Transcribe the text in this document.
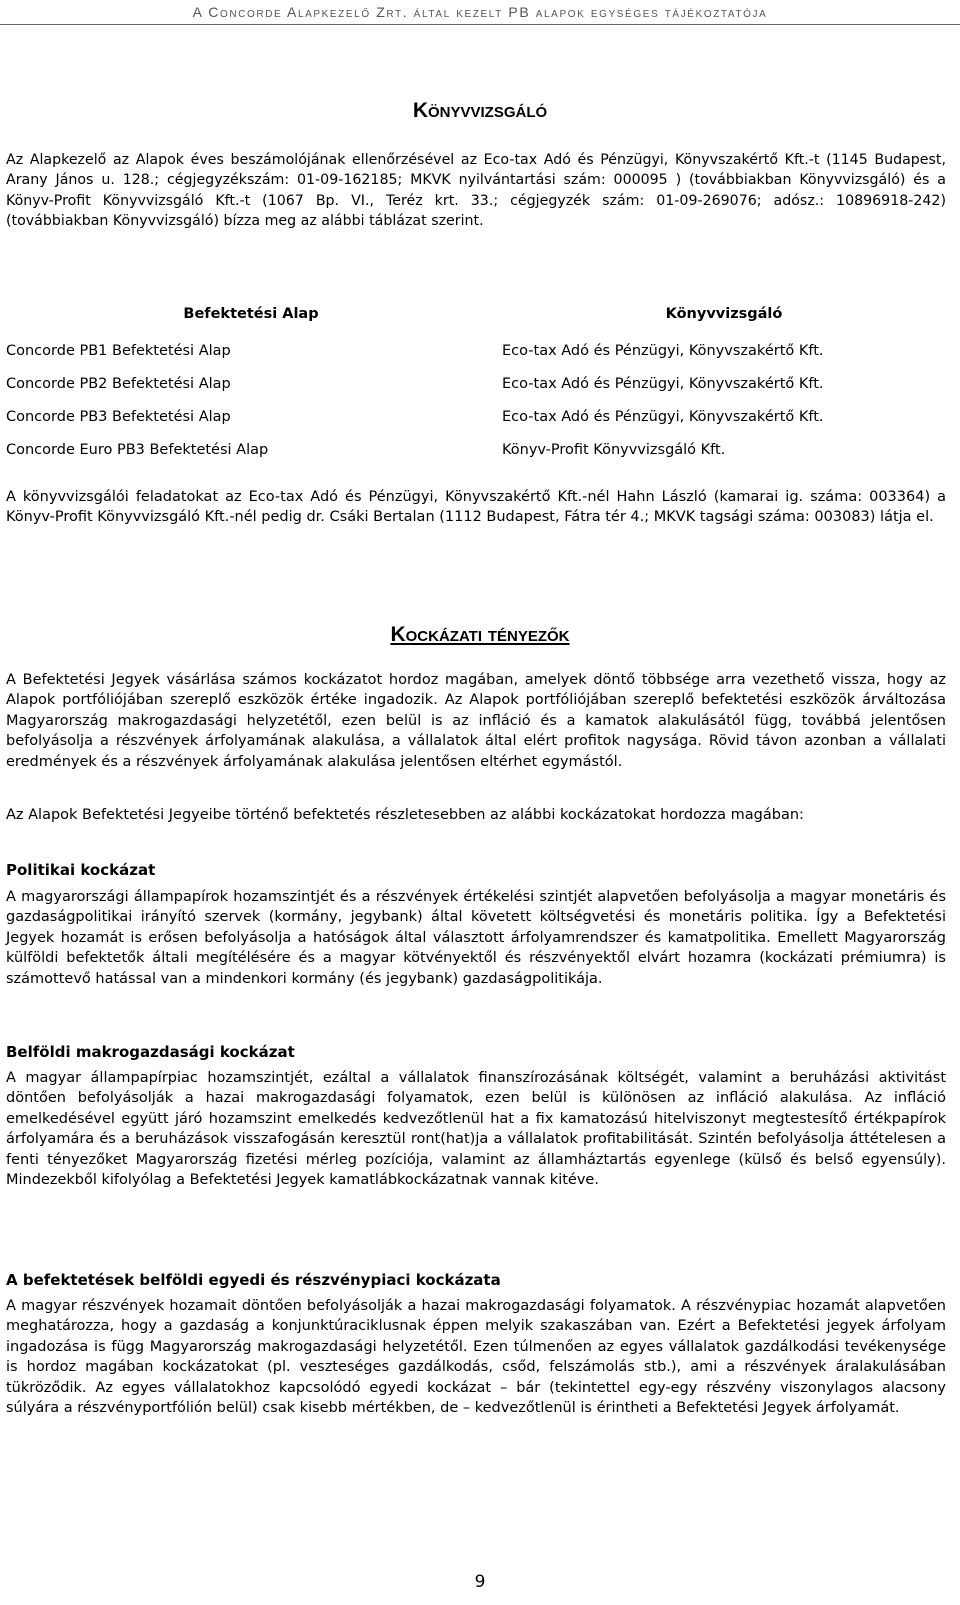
A Concorde Alapkezelő Zrt. által kezelt PB alapok egységes tájékoztatója
Könyvvizsgáló

Az Alapkezelő az Alapok éves beszámolójának ellenőrzésével az Eco-tax Adó és Pénzügyi, Könyvszakértő Kft.-t (1145 Budapest, Arany János u. 128.; cégjegyzékszám: 01-09-162185; MKVK nyilvántartási szám: 000095 ) (továbbiakban Könyvvizsgáló) és a Könyv-Profit Könyvvizsgáló Kft.-t (1067 Bp. VI., Teréz krt. 33.; cégjegyzék szám: 01-09-269076; adósz.: 10896918-242) (továbbiakban Könyvvizsgáló) bízza meg az alábbi táblázat szerint.

Befektetési Alap	Könyvvizsgáló
Concorde PB1 Befektetési Alap	Eco-tax Adó és Pénzügyi, Könyvszakértő Kft.
Concorde PB2 Befektetési Alap	Eco-tax Adó és Pénzügyi, Könyvszakértő Kft.
Concorde PB3 Befektetési Alap	Eco-tax Adó és Pénzügyi, Könyvszakértő Kft.
Concorde Euro PB3 Befektetési Alap	Könyv-Profit Könyvvizsgáló Kft.

A könyvvizsgálói feladatokat az Eco-tax Adó és Pénzügyi, Könyvszakértő Kft.-nél Hahn László (kamarai ig. száma: 003364) a Könyv-Profit Könyvvizsgáló Kft.-nél pedig dr. Csáki Bertalan (1112 Budapest, Fátra tér 4.; MKVK tagsági száma: 003083) látja el.

Kockázati tényezők

A Befektetési Jegyek vásárlása számos kockázatot hordoz magában, amelyek döntő többsége arra vezethető vissza, hogy az Alapok portfóliójában szereplő eszközök értéke ingadozik. Az Alapok portfóliójában szereplő befektetési eszközök árváltozása Magyarország makrogazdasági helyzetétől, ezen belül is az infláció és a kamatok alakulásától függ, továbbá jelentősen befolyásolja a részvények árfolyamának alakulása, a vállalatok által elért profitok nagysága. Rövid távon azonban a vállalati eredmények és a részvények árfolyamának alakulása jelentősen eltérhet egymástól.

Az Alapok Befektetési Jegyeibe történő befektetés részletesebben az alábbi kockázatokat hordozza magában:

Politikai kockázat

A magyarországi állampapírok hozamszintjét és a részvények értékelési szintjét alapvetően befolyásolja a magyar monetáris és gazdaságpolitikai irányító szervek (kormány, jegybank) által követett költségvetési és monetáris politika. Így a Befektetési Jegyek hozamát is erősen befolyásolja a hatóságok által választott árfolyamrendszer és kamatpolitika. Emellett Magyarország külföldi befektetők általi megítélésére és a magyar kötvényektől és részvényektől elvárt hozamra (kockázati prémiumra) is számottevő hatással van a mindenkori kormány (és jegybank) gazdaságpolitikája.

Belföldi makrogazdasági kockázat

A magyar állampapírpiac hozamszintjét, ezáltal a vállalatok finanszírozásának költségét, valamint a beruházási aktivitást döntően befolyásolják a hazai makrogazdasági folyamatok, ezen belül is különösen az infláció alakulása. Az infláció emelkedésével együtt járó hozamszint emelkedés kedvezőtlenül hat a fix kamatozású hitelviszonyt megtestesítő értékpapírok árfolyamára és a beruházások visszafogásán keresztül ront(hat)ja a vállalatok profitabilitását. Szintén befolyásolja áttételesen a fenti tényezőket Magyarország fizetési mérleg pozíciója, valamint az államháztartás egyenlege (külső és belső egyensúly). Mindezekből kifolyólag a Befektetési Jegyek kamatlábkockázatnak vannak kitéve.

A befektetések belföldi egyedi és részvénypiaci kockázata

A magyar részvények hozamait döntően befolyásolják a hazai makrogazdasági folyamatok. A részvénypiac hozamát alapvetően meghatározza, hogy a gazdaság a konjunktúraciklusnak éppen melyik szakaszában van. Ezért a Befektetési jegyek árfolyam ingadozása is függ Magyarország makrogazdasági helyzetétől. Ezen túlmenően az egyes vállalatok gazdálkodási tevékenysége is hordoz magában kockázatokat (pl. veszteséges gazdálkodás, csőd, felszámolás stb.), ami a részvények áralakulásában tükröződik. Az egyes vállalatokhoz kapcsolódó egyedi kockázat – bár (tekintettel egy-egy részvény viszonylagos alacsony súlyára a részvényportfólión belül) csak kisebb mértékben, de – kedvezőtlenül is érintheti a Befektetési Jegyek árfolyamát.

9
